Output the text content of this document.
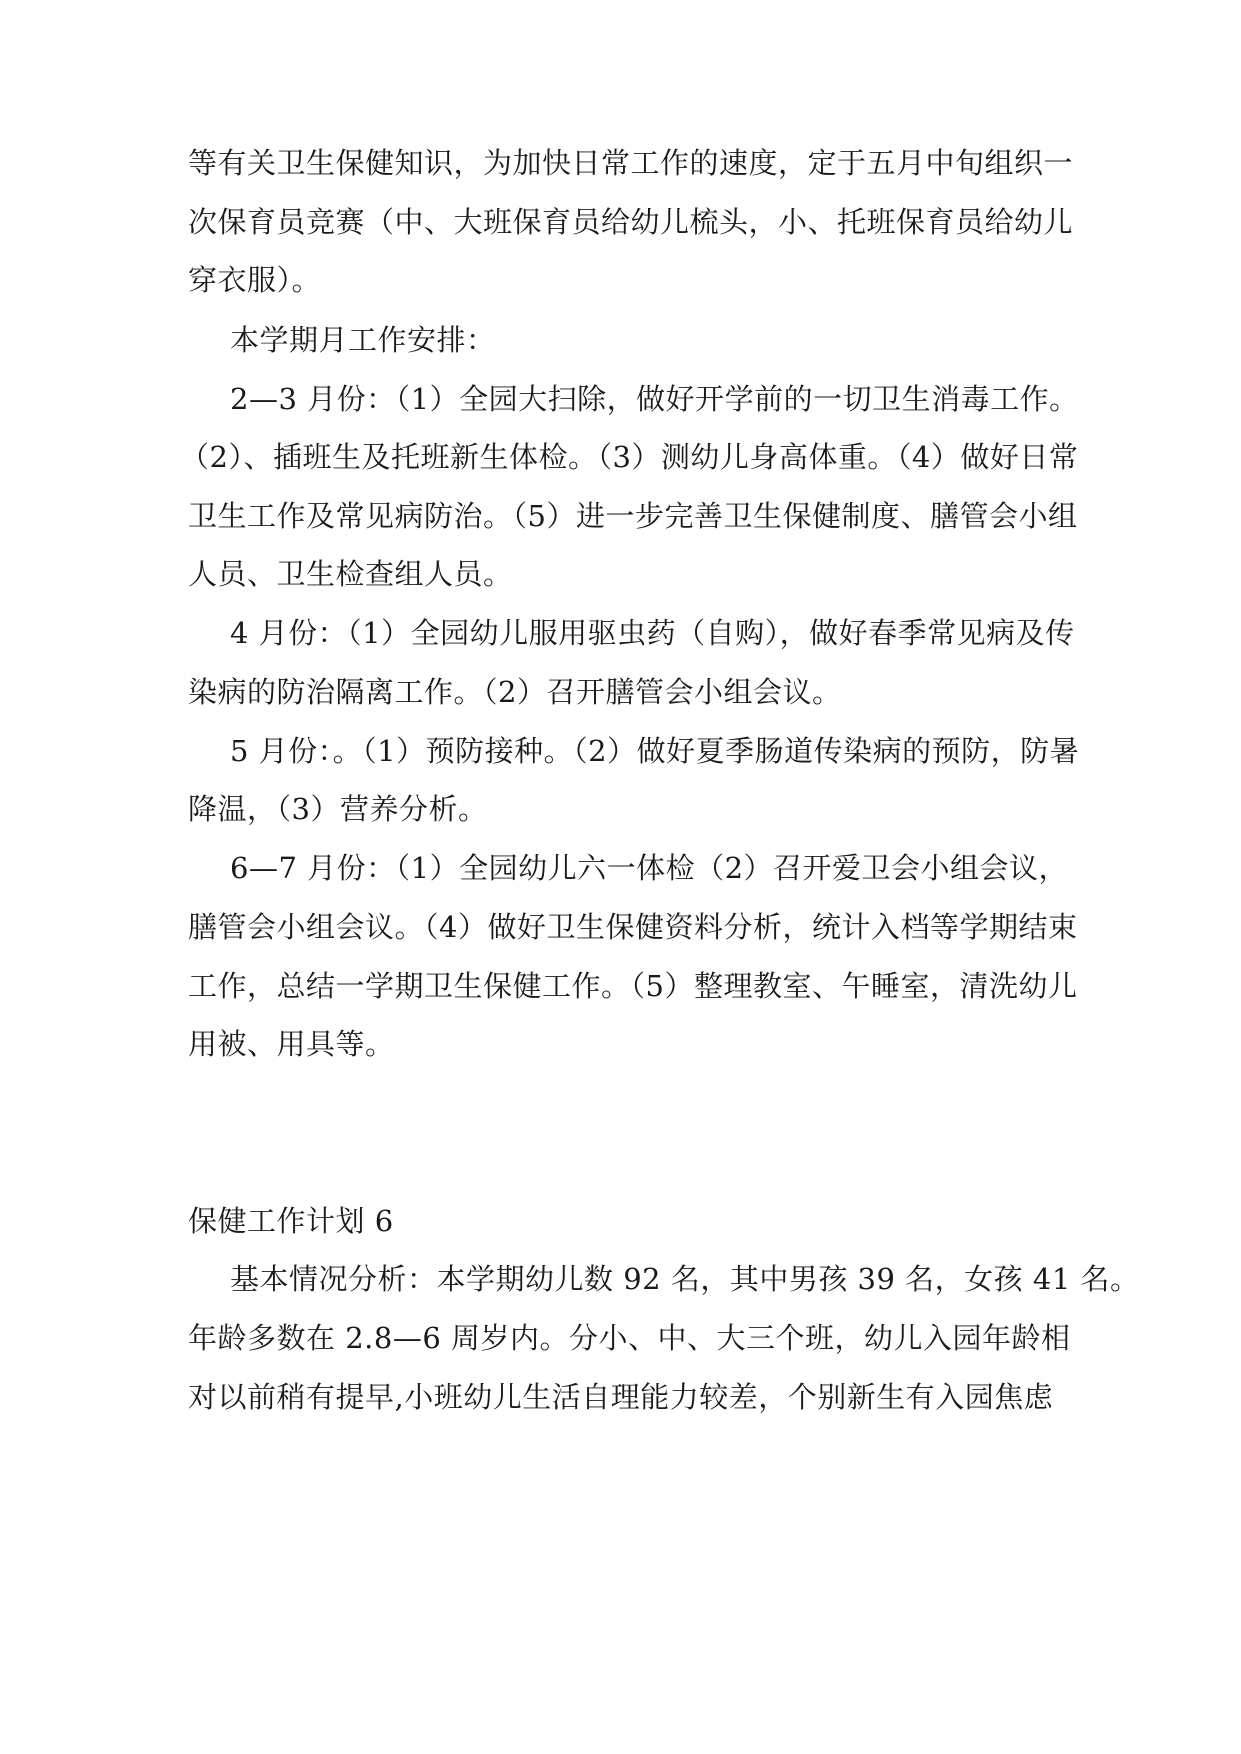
等有关卫生保健知识，为加快日常工作的速度，定于五月中旬组织一
次保育员竞赛（中、大班保育员给幼儿梳头，小、托班保育员给幼儿
穿衣服）。
本学期月工作安排：
2—3 月份：（1）全园大扫除，做好开学前的一切卫生消毒工作。
（2）、插班生及托班新生体检。（3）测幼儿身高体重。（4）做好日常
卫生工作及常见病防治。（5）进一步完善卫生保健制度、膳管会小组
人员、卫生检查组人员。
4 月份：（1）全园幼儿服用驱虫药（自购），做好春季常见病及传
染病的防治隔离工作。（2）召开膳管会小组会议。
5 月份：。（1）预防接种。（2）做好夏季肠道传染病的预防，防暑
降温，（3）营养分析。
6—7 月份：（1）全园幼儿六一体检（2）召开爱卫会小组会议，
膳管会小组会议。（4）做好卫生保健资料分析，统计入档等学期结束
工作，总结一学期卫生保健工作。（5）整理教室、午睡室，清洗幼儿
用被、用具等。
保健工作计划 6
基本情况分析：本学期幼儿数 92 名，其中男孩 39 名，女孩 41 名。
年龄多数在 2.8—6 周岁内。分小、中、大三个班，幼儿入园年龄相
对以前稍有提早,小班幼儿生活自理能力较差，个别新生有入园焦虑
